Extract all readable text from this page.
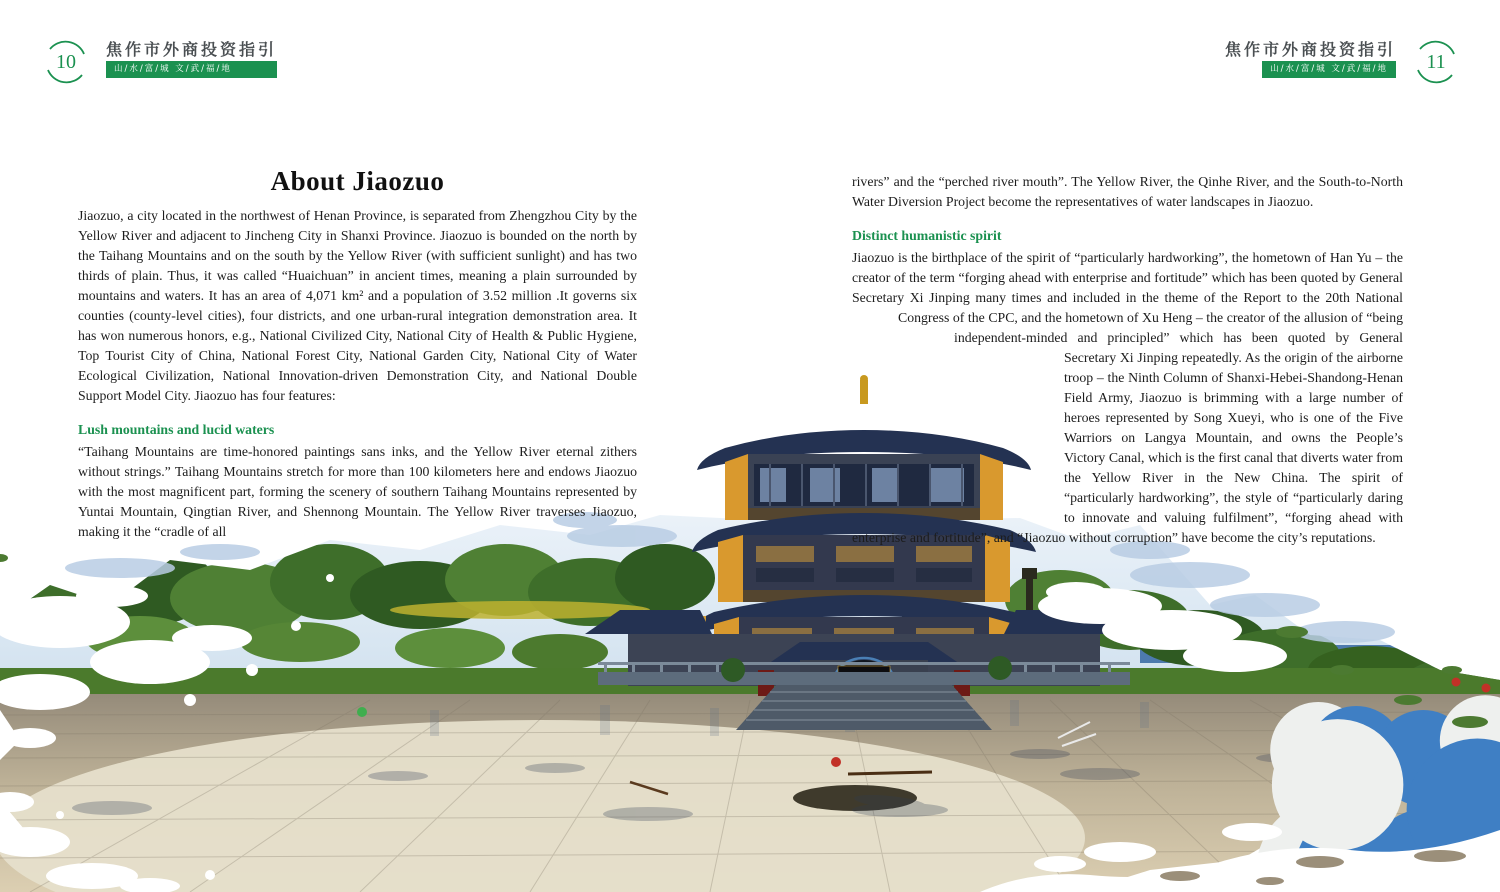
10
焦作市外商投资指引
山/水/富/城 文/武/福/地	11
焦作市外商投资指引
山/水/富/城 文/武/福/地
About Jiaozuo

Jiaozuo, a city located in the northwest of Henan Province, is separated from Zhengzhou City by the Yellow River and adjacent to Jincheng City in Shanxi Province. Jiaozuo is bounded on the north by the Taihang Mountains and on the south by the Yellow River (with sufficient sunlight) and has two thirds of plain. Thus, it was called “Huaichuan” in ancient times, meaning a plain surrounded by mountains and waters. It has an area of 4,071 km² and a population of 3.52 million .It governs six counties (county-level cities), four districts, and one urban-rural integration demonstration area. It has won numerous honors, e.g., National Civilized City, National City of Health & Public Hygiene, Top Tourist City of China, National Forest City, National Garden City, National City of Water Ecological Civilization, National Innovation-driven Demonstration City, and National Double Support Model City. Jiaozuo has four features:

Lush mountains and lucid waters

“Taihang Mountains are time-honored paintings sans inks, and the Yellow River eternal zithers without strings.” Taihang Mountains stretch for more than 100 kilometers here and endows Jiaozuo with the most magnificent part, forming the scenery of southern Taihang Mountains represented by Yuntai Mountain, Qingtian River, and Shennong Mountain. The Yellow River traverses Jiaozuo, making it the “cradle of all

rivers” and the “perched river mouth”. The Yellow River, the Qinhe River, and the South-to-North Water Diversion Project become the representatives of water landscapes in Jiaozuo.

Distinct humanistic spirit
Jiaozuo is the birthplace of the spirit of “particularly hardworking”, the hometown of Han Yu – the creator of the term “forging ahead with enterprise and fortitude” which has been quoted by General Secretary Xi Jinping many times and included in the theme of the Report to the 20th National Congress of the CPC, and the hometown of Xu Heng – the creator of the allusion of “being independent-minded and principled” which has been quoted by General Secretary Xi Jinping repeatedly. As the origin of the airborne troop – the Ninth Column of Shanxi-Hebei-Shandong-Henan Field Army, Jiaozuo is brimming with a large number of heroes represented by Song Xueyi, who is one of the Five Warriors on Langya Mountain, and owns the People’s Victory Canal, which is the first canal that diverts water from the Yellow River in the New China. The spirit of “particularly hardworking”, the style of “particularly daring to innovate and valuing fulfilment”, “forging ahead with enterprise and fortitude”, and “Jiaozuo without corruption” have become the city’s reputations.
